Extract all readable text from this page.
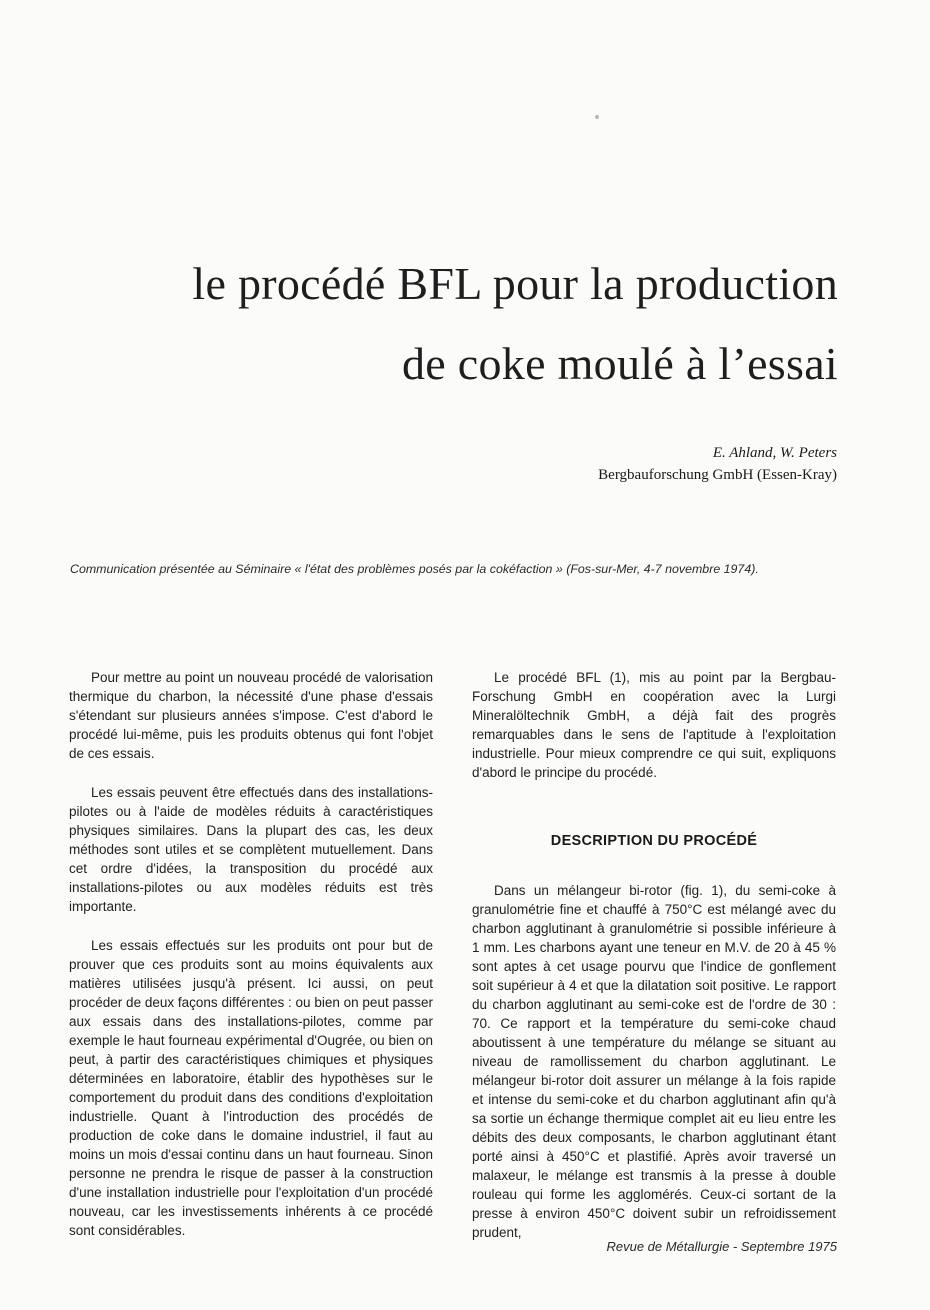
le procédé BFL pour la production
de coke moulé à l’essai
E. Ahland, W. Peters
Bergbauforschung GmbH (Essen-Kray)
Communication présentée au Séminaire « l'état des problèmes posés par la cokéfaction » (Fos-sur-Mer, 4-7 novembre 1974).

Pour mettre au point un nouveau procédé de valorisation thermique du charbon, la nécessité d'une phase d'essais s'étendant sur plusieurs années s'impose. C'est d'abord le procédé lui-même, puis les produits obtenus qui font l'objet de ces essais.

Les essais peuvent être effectués dans des installations-pilotes ou à l'aide de modèles réduits à caractéristiques physiques similaires. Dans la plupart des cas, les deux méthodes sont utiles et se complètent mutuellement. Dans cet ordre d'idées, la transposition du procédé aux installations-pilotes ou aux modèles réduits est très importante.

Les essais effectués sur les produits ont pour but de prouver que ces produits sont au moins équivalents aux matières utilisées jusqu'à présent. Ici aussi, on peut procéder de deux façons différentes : ou bien on peut passer aux essais dans des installations-pilotes, comme par exemple le haut fourneau expérimental d'Ougrée, ou bien on peut, à partir des caractéristiques chimiques et physiques déterminées en laboratoire, établir des hypothèses sur le comportement du produit dans des conditions d'exploitation industrielle. Quant à l'introduction des procédés de production de coke dans le domaine industriel, il faut au moins un mois d'essai continu dans un haut fourneau. Sinon personne ne prendra le risque de passer à la construction d'une installation industrielle pour l'exploitation d'un procédé nouveau, car les investissements inhérents à ce procédé sont considérables.

Le procédé BFL (1), mis au point par la Bergbau-Forschung GmbH en coopération avec la Lurgi Mineralöltechnik GmbH, a déjà fait des progrès remarquables dans le sens de l'aptitude à l'exploitation industrielle. Pour mieux comprendre ce qui suit, expliquons d'abord le principe du procédé.

DESCRIPTION DU PROCÉDÉ

Dans un mélangeur bi-rotor (fig. 1), du semi-coke à granulométrie fine et chauffé à 750°C est mélangé avec du charbon agglutinant à granulométrie si possible inférieure à 1 mm. Les charbons ayant une teneur en M.V. de 20 à 45 % sont aptes à cet usage pourvu que l'indice de gonflement soit supérieur à 4 et que la dilatation soit positive. Le rapport du charbon agglutinant au semi-coke est de l'ordre de 30 : 70. Ce rapport et la température du semi-coke chaud aboutissent à une température du mélange se situant au niveau de ramollissement du charbon agglutinant. Le mélangeur bi-rotor doit assurer un mélange à la fois rapide et intense du semi-coke et du charbon agglutinant afin qu'à sa sortie un échange thermique complet ait eu lieu entre les débits des deux composants, le charbon agglutinant étant porté ainsi à 450°C et plastifié. Après avoir traversé un malaxeur, le mélange est transmis à la presse à double rouleau qui forme les agglomérés. Ceux-ci sortant de la presse à environ 450°C doivent subir un refroidissement prudent,

Revue de Métallurgie - Septembre 1975
